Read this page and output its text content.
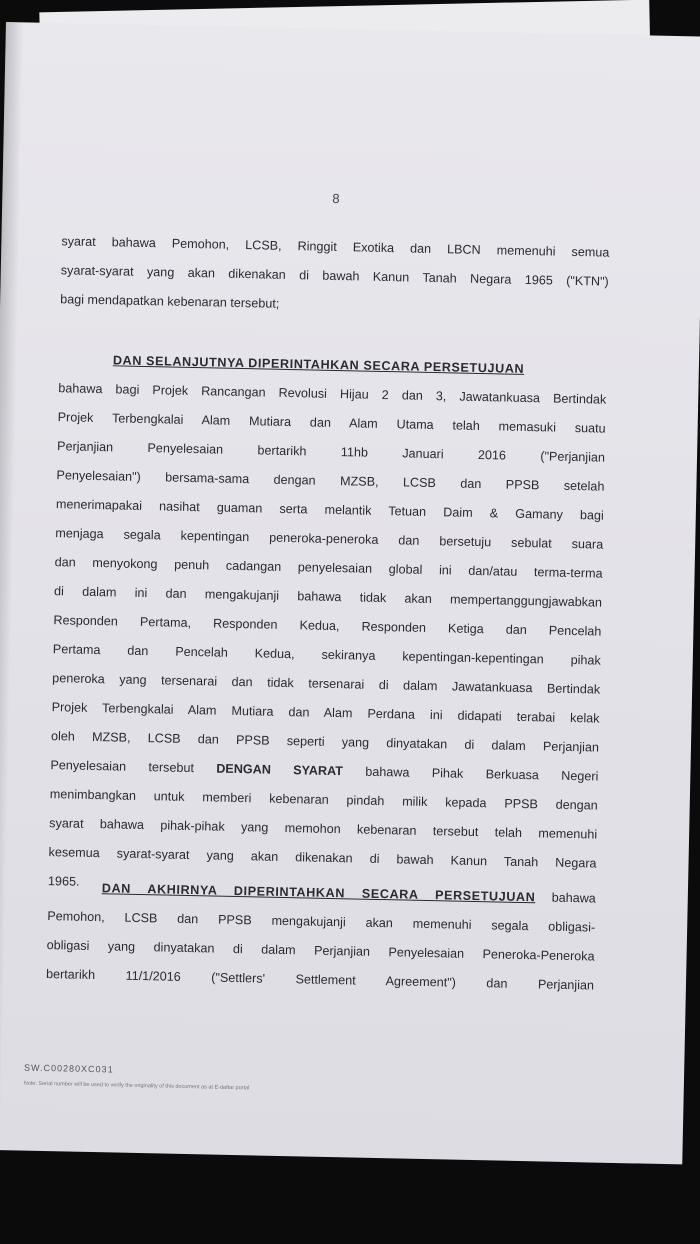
8
syarat bahawa Pemohon, LCSB, Ringgit Exotika dan LBCN memenuhi semua
syarat-syarat yang akan dikenakan di bawah Kanun Tanah Negara 1965 ("KTN")
bagi mendapatkan kebenaran tersebut;
DAN SELANJUTNYA DIPERINTAHKAN SECARA PERSETUJUAN
bahawa bagi Projek Rancangan Revolusi Hijau 2 dan 3, Jawatankuasa Bertindak
Projek Terbengkalai Alam Mutiara dan Alam Utama telah memasuki suatu
Perjanjian Penyelesaian bertarikh 11hb Januari 2016 ("Perjanjian
Penyelesaian") bersama-sama dengan MZSB, LCSB dan PPSB setelah
menerimapakai nasihat guaman serta melantik Tetuan Daim & Gamany bagi
menjaga segala kepentingan peneroka-peneroka dan bersetuju sebulat suara
dan menyokong penuh cadangan penyelesaian global ini dan/atau terma-terma
di dalam ini dan mengakujanji bahawa tidak akan mempertanggungjawabkan
Responden Pertama, Responden Kedua, Responden Ketiga dan Pencelah
Pertama dan Pencelah Kedua, sekiranya kepentingan-kepentingan pihak
peneroka yang tersenarai dan tidak tersenarai di dalam Jawatankuasa Bertindak
Projek Terbengkalai Alam Mutiara dan Alam Perdana ini didapati terabai kelak
oleh MZSB, LCSB dan PPSB seperti yang dinyatakan di dalam Perjanjian
Penyelesaian tersebut DENGAN SYARAT bahawa Pihak Berkuasa Negeri
menimbangkan untuk memberi kebenaran pindah milik kepada PPSB dengan
syarat bahawa pihak-pihak yang memohon kebenaran tersebut telah memenuhi
kesemua syarat-syarat yang akan dikenakan di bawah Kanun Tanah Negara
1965.	DAN AKHIRNYA DIPERINTAHKAN SECARA PERSETUJUAN bahawa
Pemohon, LCSB dan PPSB mengakujanji akan memenuhi segala obligasi-
obligasi yang dinyatakan di dalam Perjanjian Penyelesaian Peneroka-Peneroka
bertarikh 11/1/2016 ("Settlers' Settlement Agreement") dan Perjanjian
SW.C00280XC031
Note: Serial number will be used to verify the originality of this document as at E-daftar portal
